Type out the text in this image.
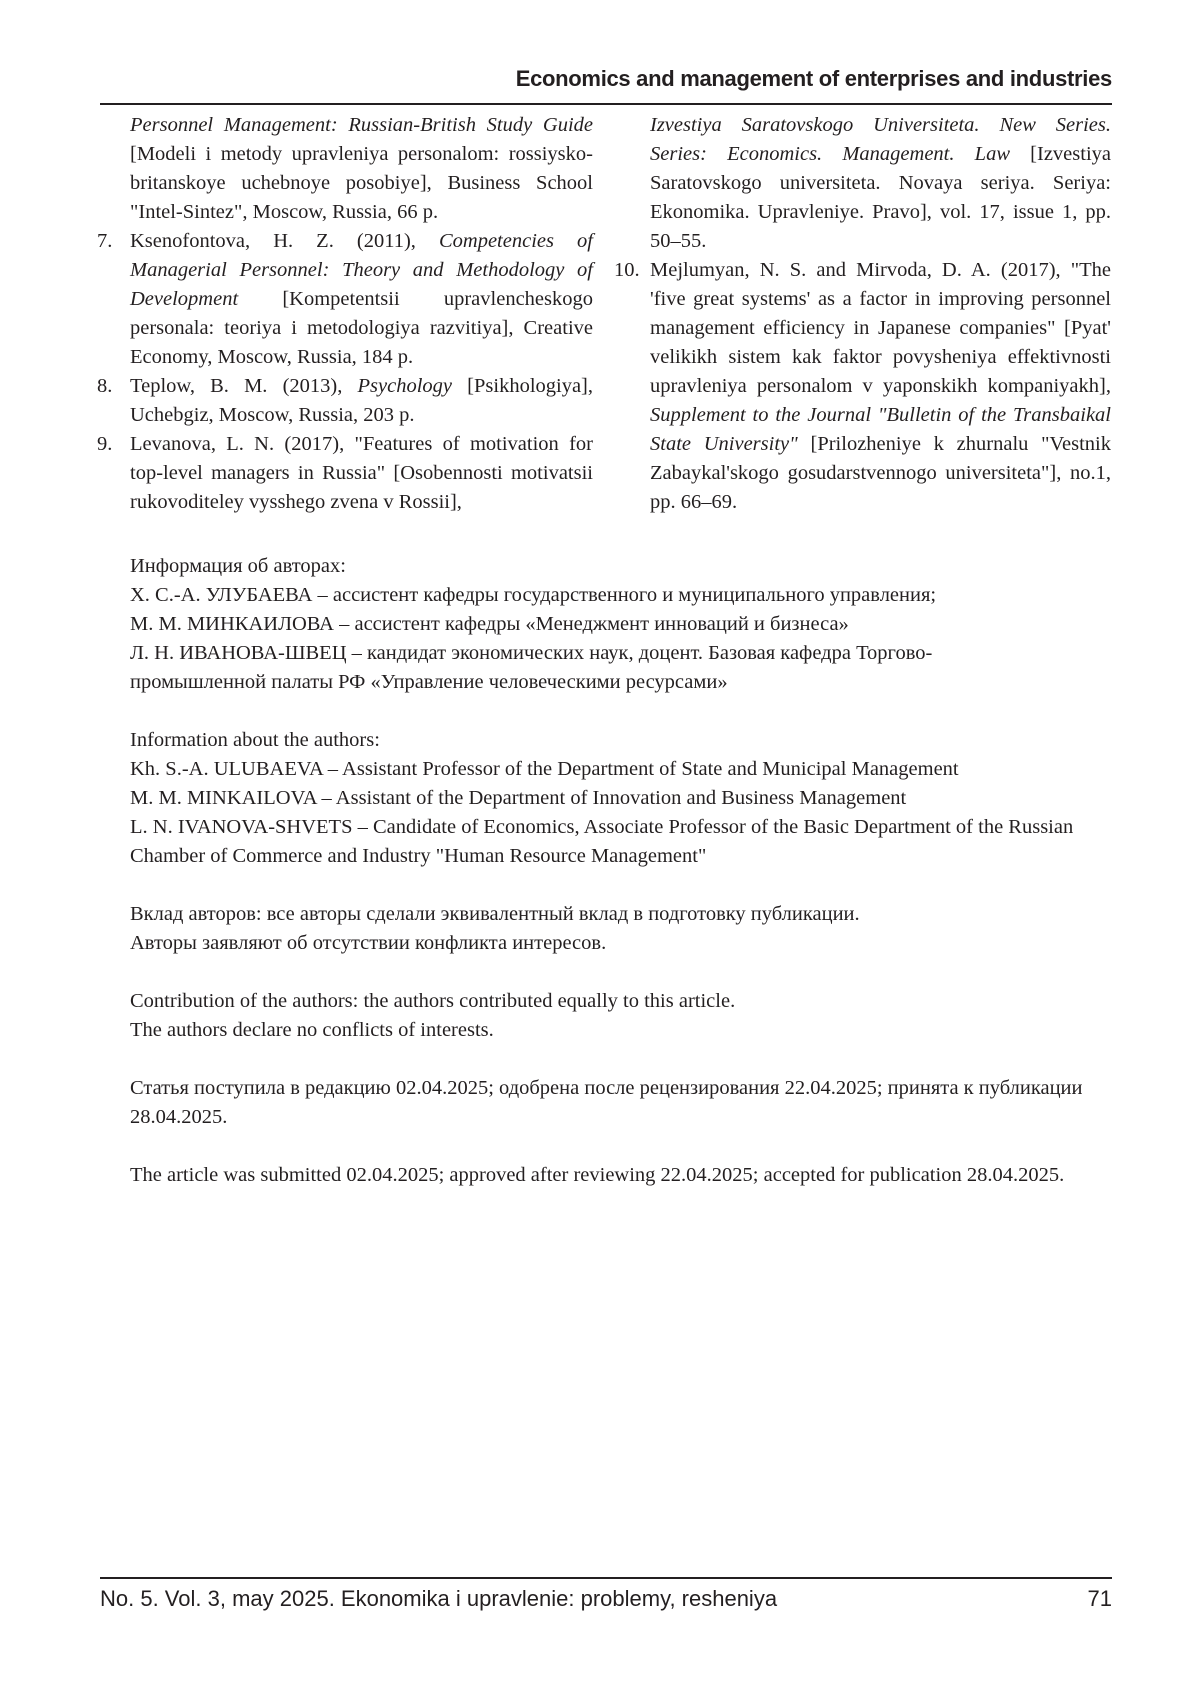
Economics and management of enterprises and industries
Personnel Management: Russian-British Study Guide [Modeli i metody upravleniya personalom: rossiysko-britanskoye uchebnoye posobiye], Business School "Intel-Sintez", Moscow, Russia, 66 p.
7. Ksenofontova, H. Z. (2011), Competencies of Managerial Personnel: Theory and Methodology of Development [Kompetentsii upravlencheskogo personala: teoriya i metodologiya razvitiya], Creative Economy, Moscow, Russia, 184 p.
8. Teplow, B. M. (2013), Psychology [Psikhologiya], Uchebgiz, Moscow, Russia, 203 p.
9. Levanova, L. N. (2017), "Features of motivation for top-level managers in Russia" [Osobennosti motivatsii rukovoditeley vysshego zvena v Rossii],
Izvestiya Saratovskogo Universiteta. New Series. Series: Economics. Management. Law [Izvestiya Saratovskogo universiteta. Novaya seriya. Seriya: Ekonomika. Upravleniye. Pravo], vol. 17, issue 1, pp. 50–55.
10. Mejlumyan, N. S. and Mirvoda, D. A. (2017), "The 'five great systems' as a factor in improving personnel management efficiency in Japanese companies" [Pyat' velikikh sistem kak faktor povysheniya effektivnosti upravleniya personalom v yaponskikh kompaniyakh], Supplement to the Journal "Bulletin of the Transbaikal State University" [Prilozheniye k zhurnalu "Vestnik Zabaykal'skogo gosudarstvennogo universiteta"], no.1, pp. 66–69.

Информация об авторах:

Х. С.-А. УЛУБАЕВА – ассистент кафедры государственного и муниципального управления;

М. М. МИНКАИЛОВА – ассистент кафедры «Менеджмент инноваций и бизнеса»

Л. Н. ИВАНОВА-ШВЕЦ – кандидат экономических наук, доцент. Базовая кафедра Торгово-промышленной палаты РФ «Управление человеческими ресурсами»

Information about the authors:

Kh. S.-A. ULUBAEVA – Assistant Professor of the Department of State and Municipal Management

M. M. MINKAILOVA – Assistant of the Department of Innovation and Business Management

L. N. IVANOVA-SHVETS – Candidate of Economics, Associate Professor of the Basic Department of the Russian Chamber of Commerce and Industry "Human Resource Management"

Вклад авторов: все авторы сделали эквивалентный вклад в подготовку публикации.

Авторы заявляют об отсутствии конфликта интересов.

Contribution of the authors: the authors contributed equally to this article.

The authors declare no conflicts of interests.

Статья поступила в редакцию 02.04.2025; одобрена после рецензирования 22.04.2025; принята к публикации 28.04.2025.

The article was submitted 02.04.2025; approved after reviewing 22.04.2025; accepted for publication 28.04.2025.

No. 5. Vol. 3, may 2025. Ekonomika i upravlenie: problemy, resheniya	71
